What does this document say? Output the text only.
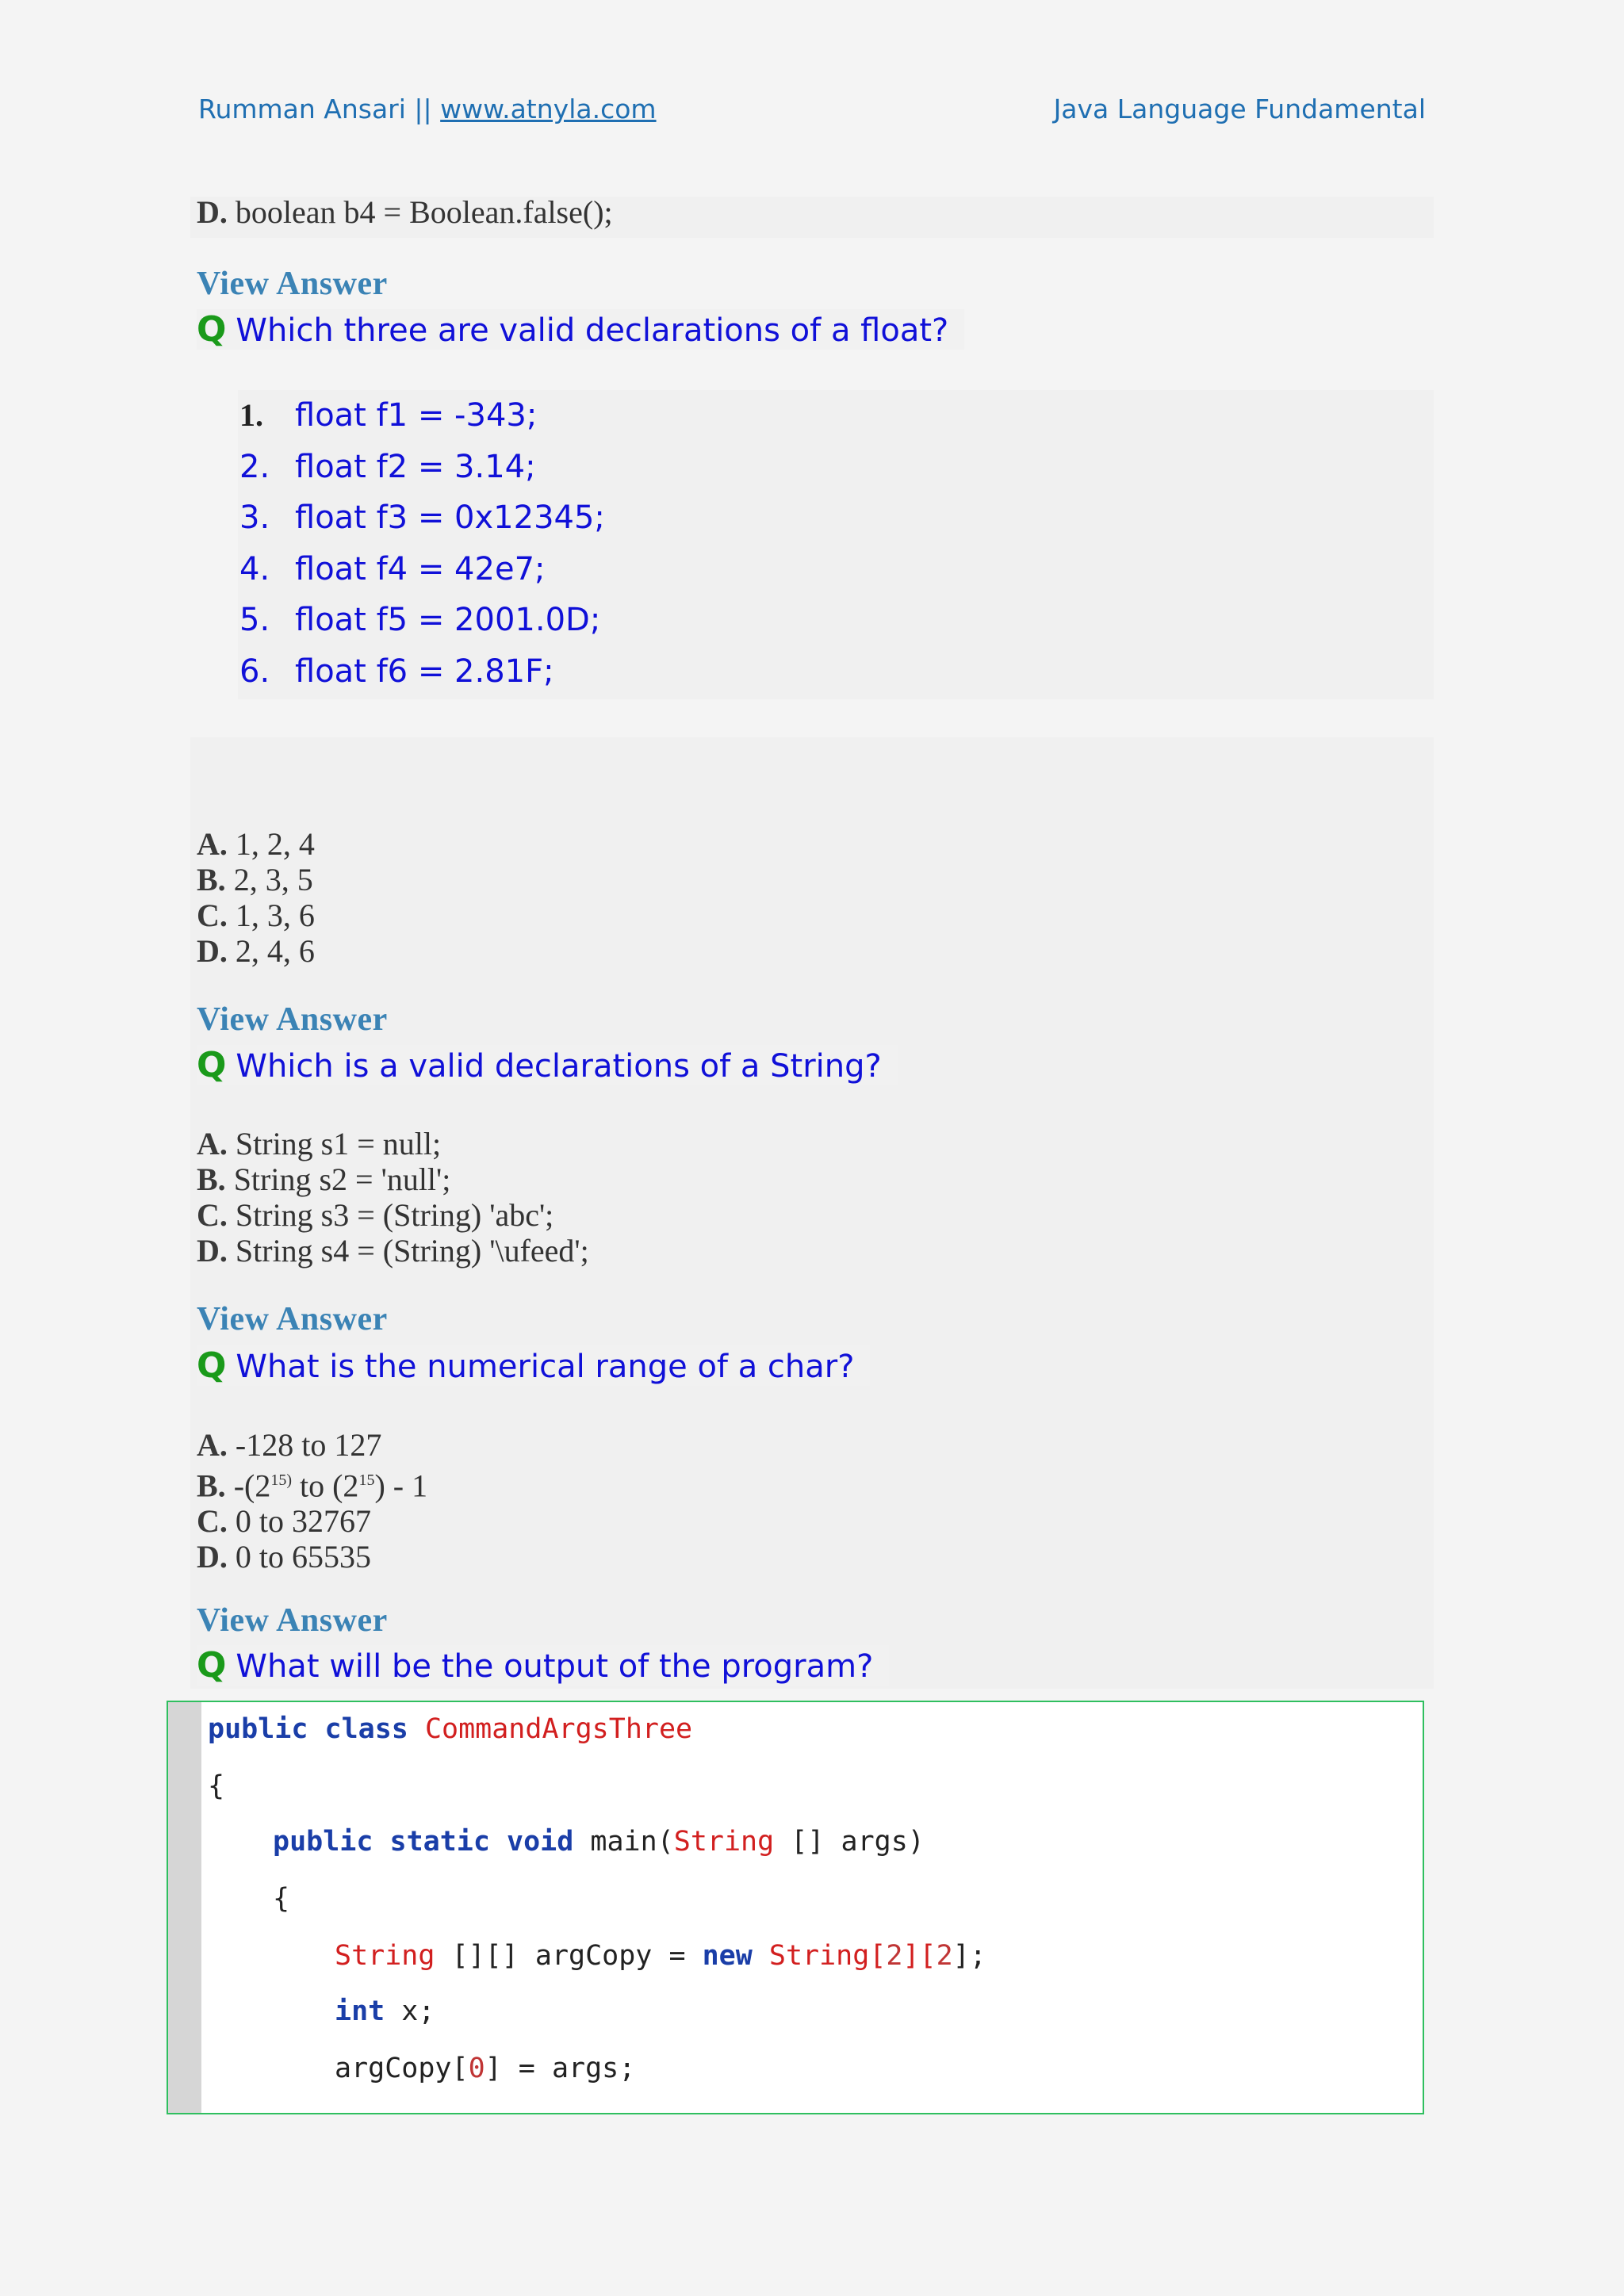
Rumman Ansari || www.atnyla.com	Java Language Fundamental
D. boolean b4 = Boolean.false();
View Answer
Q Which three are valid declarations of a float?
1. float f1 = -343;
2. float f2 = 3.14;
3. float f3 = 0x12345;
4. float f4 = 42e7;
5. float f5 = 2001.0D;
6. float f6 = 2.81F;
A. 1, 2, 4
B. 2, 3, 5
C. 1, 3, 6
D. 2, 4, 6
View Answer
Q Which is a valid declarations of a String?
A. String s1 = null;
B. String s2 = 'null';
C. String s3 = (String) 'abc';
D. String s4 = (String) '\ufeed';
View Answer
Q What is the numerical range of a char?
A. -128 to 127
B. -(2$^{15)}$ to $(2^{15}) - 1$
C. 0 to 32767
D. 0 to 65535
View Answer
Q What will be the output of the program?
public class CommandArgsThree
{
public static void main(String [] args)
{
String [][] argCopy = new String[2][2];
int x;
argCopy[0] = args;
